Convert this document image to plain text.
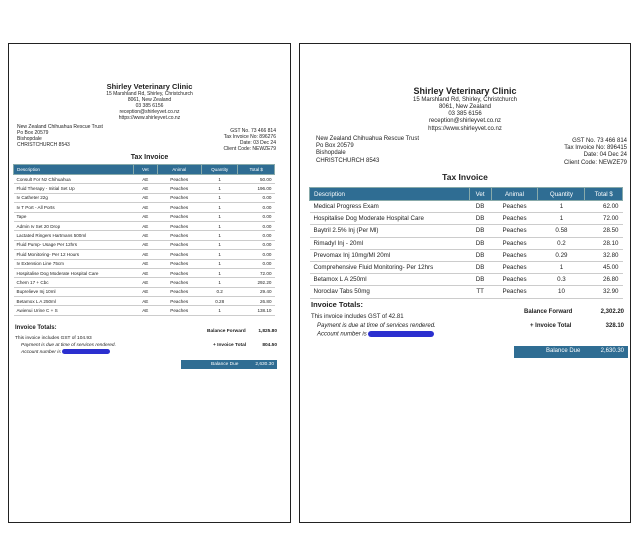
Shirley Veterinary Clinic
15 Marshland Rd, Shirley, Christchurch
8061, New Zealand
03 385 6156
reception@shirleyvet.co.nz
https://www.shirleyvet.co.nz
New Zealand Chihuahua Rescue Trust
Po Box 20579
Bishopdale
CHRISTCHURCH 8543
GST No. 73 466 814
Tax Invoice No: 896276
Date: 03 Dec 24
Client Code: NEWZE79
Tax Invoice
Description	Vet	Animal	Quantity	Total $
Consult For Nz Chihuahua	AE	Peaches	1	50.00
Fluid Therapy - Initial Set Up	AE	Peaches	1	196.00
Iv Catheter 22g	AE	Peaches	1	0.00
Iv T Port - All Ports	AE	Peaches	1	0.00
Tape	AE	Peaches	1	0.00
Admin Iv Set 20 Drop	AE	Peaches	1	0.00
Lactated Ringers Hartmans 500ml	AE	Peaches	1	0.00
Fluid Pump- Usage Per 12hrs	AE	Peaches	1	0.00
Fluid Monitoring- Per 12 Hours	AE	Peaches	1	0.00
Iv Extension Line 75cm	AE	Peaches	1	0.00
Hospitalise Dog Moderate Hospital Care	AE	Peaches	1	72.00
Chem 17 + Cbc	AE	Peaches	1	292.20
Buprelieve Inj 10ml	AE	Peaches	0.2	29.40
Betamox L A 250ml	AE	Peaches	0.28	26.80
Awienui Urine C + S	AE	Peaches	1	138.10
Invoice Totals:
This invoice includes GST of 104.93
Payment is due at time of services rendered.
Account number is
Balance Forward	1,825.80
+ Invoice Total	804.50
Balance Due	2,630.30
Shirley Veterinary Clinic
15 Marshland Rd, Shirley, Christchurch
8061, New Zealand
03 385 6156
reception@shirleyvet.co.nz
https://www.shirleyvet.co.nz
New Zealand Chihuahua Rescue Trust
Po Box 20579
Bishopdale
CHRISTCHURCH 8543
GST No. 73 466 814
Tax Invoice No: 896415
Date: 04 Dec 24
Client Code: NEWZE79
Tax Invoice
Description	Vet	Animal	Quantity	Total $
Medical Progress Exam	DB	Peaches	1	62.00
Hospitalise Dog Moderate Hospital Care	DB	Peaches	1	72.00
Baytril 2.5% Inj (Per Ml)	DB	Peaches	0.58	28.50
Rimadyl Inj - 20ml	DB	Peaches	0.2	28.10
Prevomax Inj 10mg/Ml 20ml	DB	Peaches	0.29	32.80
Comprehensive Fluid Monitoring- Per 12hrs	DB	Peaches	1	45.00
Betamox L A 250ml	DB	Peaches	0.3	26.80
Noroclav Tabs 50mg	TT	Peaches	10	32.90
Invoice Totals:
This invoice includes GST of 42.81
Payment is due at time of services rendered.
Account number is
Balance Forward	2,302.20
+ Invoice Total	328.10
Balance Due	2,630.30
